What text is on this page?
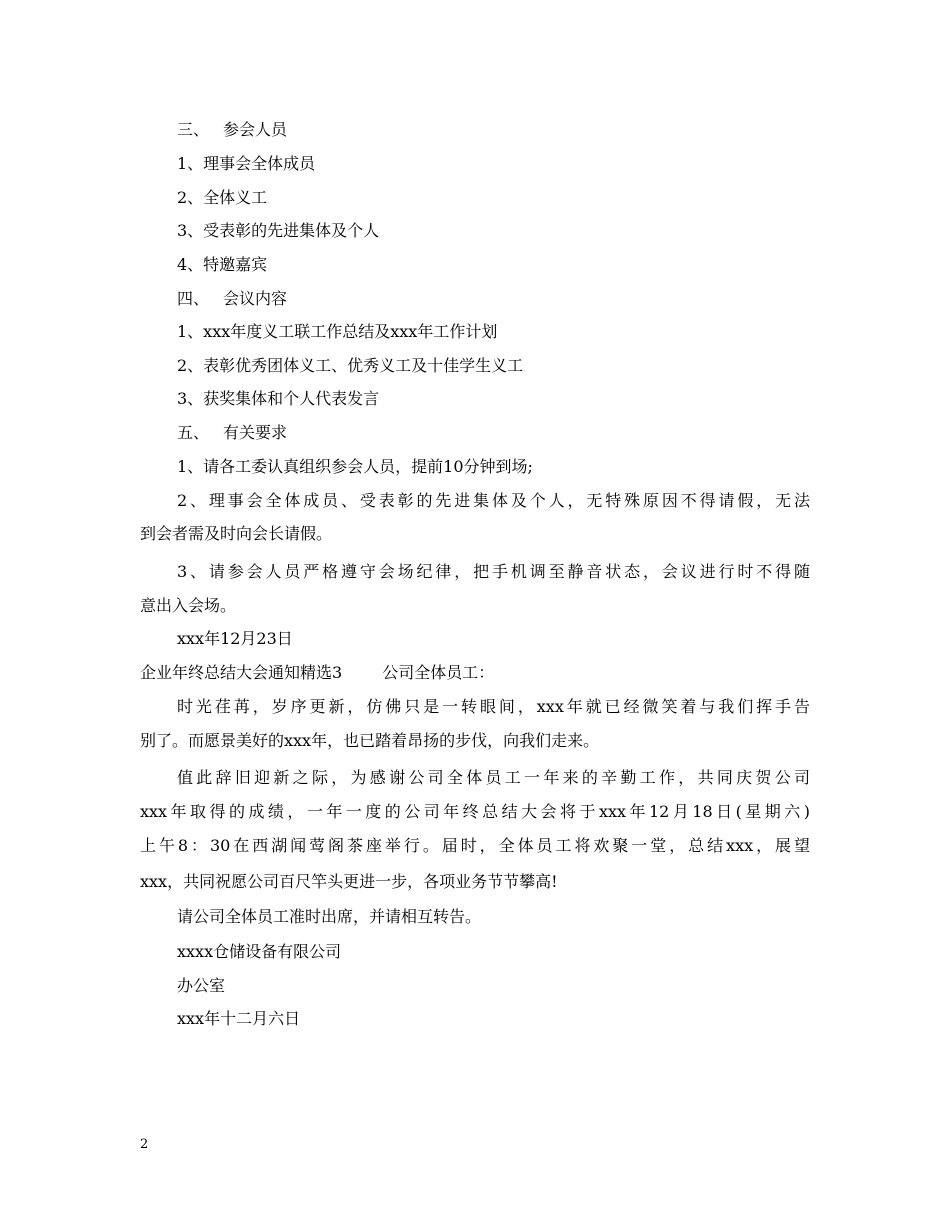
三、 参会人员
1、理事会全体成员
2、全体义工
3、受表彰的先进集体及个人
4、特邀嘉宾
四、 会议内容
1、xxx年度义工联工作总结及xxx年工作计划
2、表彰优秀团体义工、优秀义工及十佳学生义工
3、获奖集体和个人代表发言
五、 有关要求
1、请各工委认真组织参会人员，提前10分钟到场;
2、理事会全体成员、受表彰的先进集体及个人，无特殊原因不得请假，无法
到会者需及时向会长请假。
3、请参会人员严格遵守会场纪律，把手机调至静音状态，会议进行时不得随
意出入会场。
xxx年12月23日
企业年终总结大会通知精选3	公司全体员工：
时光荏苒，岁序更新，仿佛只是一转眼间，xxx年就已经微笑着与我们挥手告
别了。而愿景美好的xxx年，也已踏着昂扬的步伐，向我们走来。
值此辞旧迎新之际，为感谢公司全体员工一年来的辛勤工作，共同庆贺公司
xxx年取得的成绩，一年一度的公司年终总结大会将于xxx年12月18日(星期六)
上午8：30在西湖闻莺阁茶座举行。届时，全体员工将欢聚一堂，总结xxx，展望
xxx，共同祝愿公司百尺竿头更进一步，各项业务节节攀高!
请公司全体员工准时出席，并请相互转告。
xxxx仓储设备有限公司
办公室
xxx年十二月六日
2
